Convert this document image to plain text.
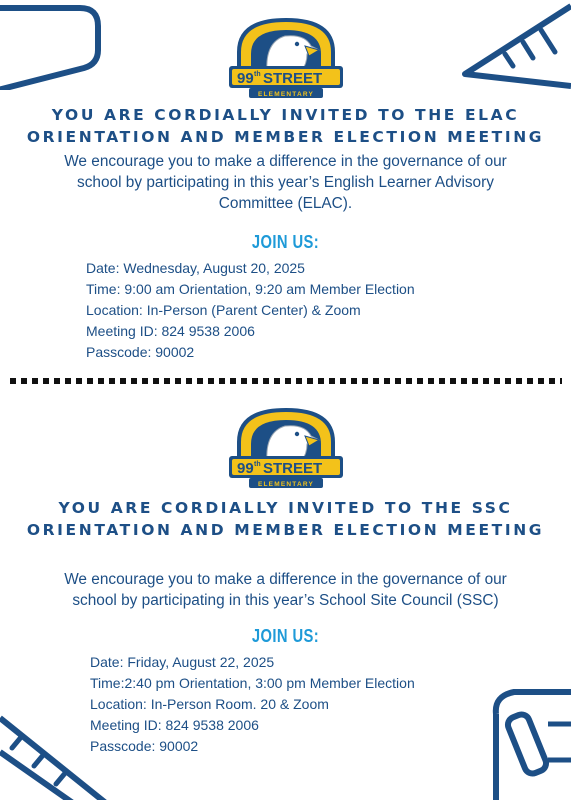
99 th STREET
ELEMENTARY
YOU ARE CORDIALLY INVITED TO THE ELAC
ORIENTATION AND MEMBER ELECTION MEETING
We encourage you to make a difference in the governance of our
school by participating in this year’s English Learner Advisory
Committee (ELAC).
JOIN US:
Date: Wednesday, August 20, 2025
Time: 9:00 am Orientation, 9:20 am Member Election
Location: In-Person (Parent Center) & Zoom
Meeting ID: 824 9538 2006
Passcode: 90002
99 th STREET
ELEMENTARY
YOU ARE CORDIALLY INVITED TO THE SSC
ORIENTATION AND MEMBER ELECTION MEETING
We encourage you to make a difference in the governance of our
school by participating in this year’s School Site Council (SSC)
JOIN US:
Date: Friday, August 22, 2025
Time:2:40 pm Orientation, 3:00 pm Member Election
Location: In-Person Room. 20 & Zoom
Meeting ID: 824 9538 2006
Passcode: 90002
